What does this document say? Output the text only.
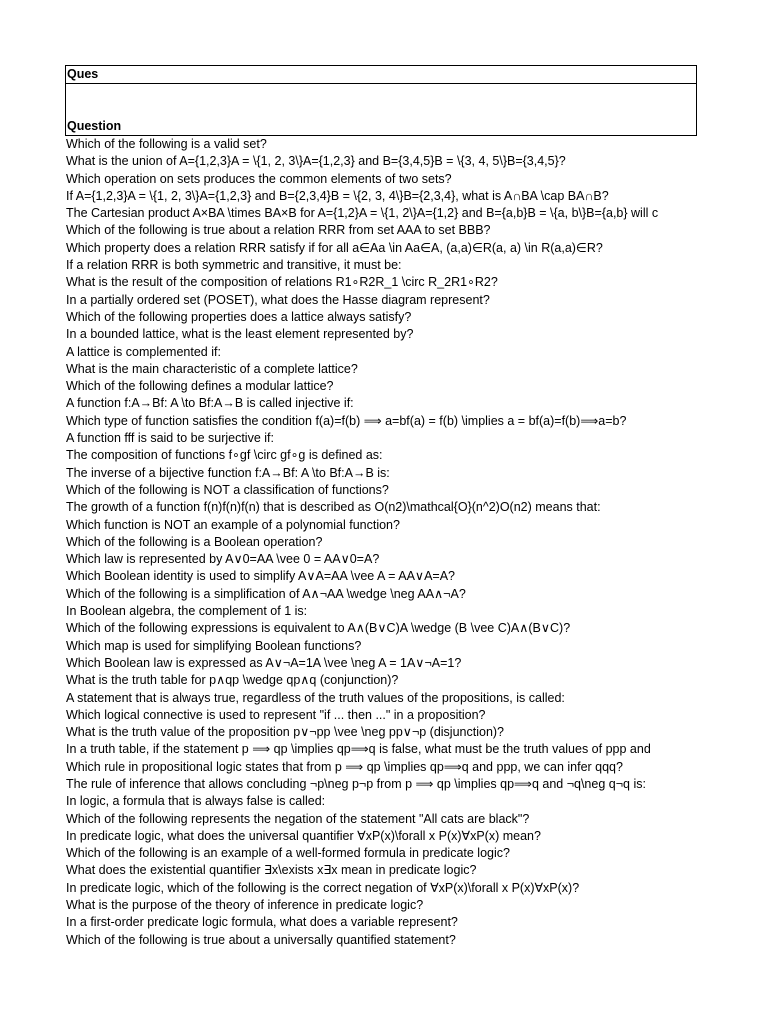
Ques
Question
Which of the following is a valid set?
What is the union of A={1,2,3}A = \{1, 2, 3\}A={1,2,3} and B={3,4,5}B = \{3, 4, 5\}B={3,4,5}?
Which operation on sets produces the common elements of two sets?
If A={1,2,3}A = \{1, 2, 3\}A={1,2,3} and B={2,3,4}B = \{2, 3, 4\}B={2,3,4}, what is A∩BA \cap BA∩B?
The Cartesian product A×BA \times BA×B for A={1,2}A = \{1, 2\}A={1,2} and B={a,b}B = \{a, b\}B={a,b} will c
Which of the following is true about a relation RRR from set AAA to set BBB?
Which property does a relation RRR satisfy if for all a∈Aa \in Aa∈A, (a,a)∈R(a, a) \in R(a,a)∈R?
If a relation RRR is both symmetric and transitive, it must be:
What is the result of the composition of relations R1∘R2R_1 \circ R_2R1∘R2?
In a partially ordered set (POSET), what does the Hasse diagram represent?
Which of the following properties does a lattice always satisfy?
In a bounded lattice, what is the least element represented by?
A lattice is complemented if:
What is the main characteristic of a complete lattice?
Which of the following defines a modular lattice?
A function f:A→Bf: A \to Bf:A→B is called injective if:
Which type of function satisfies the condition f(a)=f(b) ⟹ a=bf(a) = f(b) \implies a = bf(a)=f(b)⟹a=b?
A function fff is said to be surjective if:
The composition of functions f∘gf \circ gf∘g is defined as:
The inverse of a bijective function f:A→Bf: A \to Bf:A→B is:
Which of the following is NOT a classification of functions?
The growth of a function f(n)f(n)f(n) that is described as O(n2)\mathcal{O}(n^2)O(n2) means that:
Which function is NOT an example of a polynomial function?
Which of the following is a Boolean operation?
Which law is represented by A∨0=AA \vee 0 = AA∨0=A?
Which Boolean identity is used to simplify A∨A=AA \vee A = AA∨A=A?
Which of the following is a simplification of A∧¬AA \wedge \neg AA∧¬A?
In Boolean algebra, the complement of 1 is:
Which of the following expressions is equivalent to A∧(B∨C)A \wedge (B \vee C)A∧(B∨C)?
Which map is used for simplifying Boolean functions?
Which Boolean law is expressed as A∨¬A=1A \vee \neg A = 1A∨¬A=1?
What is the truth table for p∧qp \wedge qp∧q (conjunction)?
A statement that is always true, regardless of the truth values of the propositions, is called:
Which logical connective is used to represent "if ... then ..." in a proposition?
What is the truth value of the proposition p∨¬pp \vee \neg pp∨¬p (disjunction)?
In a truth table, if the statement p ⟹ qp \implies qp⟹q is false, what must be the truth values of ppp and
Which rule in propositional logic states that from p ⟹ qp \implies qp⟹q and ppp, we can infer qqq?
The rule of inference that allows concluding ¬p\neg p¬p from p ⟹ qp \implies qp⟹q and ¬q\neg q¬q is:
In logic, a formula that is always false is called:
Which of the following represents the negation of the statement "All cats are black"?
In predicate logic, what does the universal quantifier ∀xP(x)\forall x P(x)∀xP(x) mean?
Which of the following is an example of a well-formed formula in predicate logic?
What does the existential quantifier ∃x\exists x∃x mean in predicate logic?
In predicate logic, which of the following is the correct negation of ∀xP(x)\forall x P(x)∀xP(x)?
What is the purpose of the theory of inference in predicate logic?
In a first-order predicate logic formula, what does a variable represent?
Which of the following is true about a universally quantified statement?
